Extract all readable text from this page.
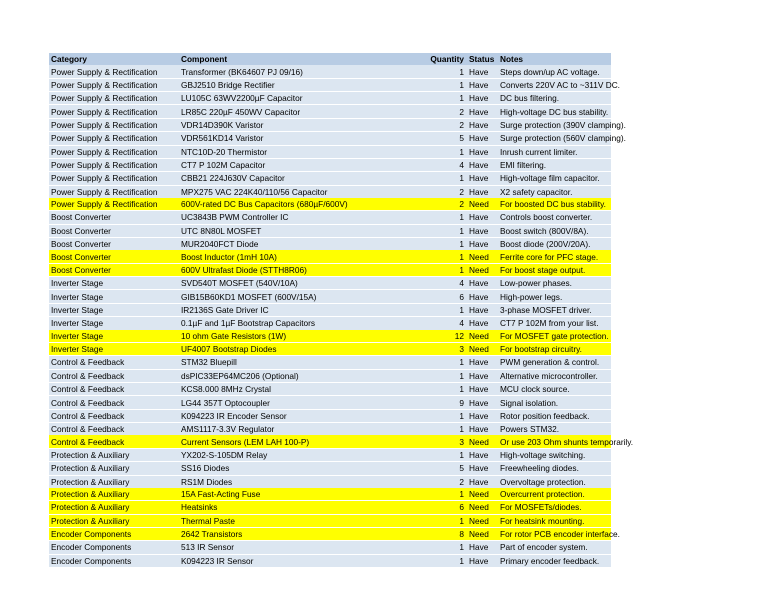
Category	Component	Quantity	Status	Notes
Power Supply & Rectification	Transformer (BK64607 PJ 09/16)	1	Have	Steps down/up AC voltage.
Power Supply & Rectification	GBJ2510 Bridge Rectifier	1	Have	Converts 220V AC to ~311V DC.
Power Supply & Rectification	LU105C 63WV2200µF Capacitor	1	Have	DC bus filtering.
Power Supply & Rectification	LR85C 220µF 450WV Capacitor	2	Have	High-voltage DC bus stability.
Power Supply & Rectification	VDR14D390K Varistor	2	Have	Surge protection (390V clamping).
Power Supply & Rectification	VDR561KD14 Varistor	5	Have	Surge protection (560V clamping).
Power Supply & Rectification	NTC10D-20 Thermistor	1	Have	Inrush current limiter.
Power Supply & Rectification	CT7 P 102M Capacitor	4	Have	EMI filtering.
Power Supply & Rectification	CBB21 224J630V Capacitor	1	Have	High-voltage film capacitor.
Power Supply & Rectification	MPX275 VAC 224K40/110/56 Capacitor	2	Have	X2 safety capacitor.
Power Supply & Rectification	600V-rated DC Bus Capacitors (680µF/600V)	2	Need	For boosted DC bus stability.
Boost Converter	UC3843B PWM Controller IC	1	Have	Controls boost converter.
Boost Converter	UTC 8N80L MOSFET	1	Have	Boost switch (800V/8A).
Boost Converter	MUR2040FCT Diode	1	Have	Boost diode (200V/20A).
Boost Converter	Boost Inductor (1mH 10A)	1	Need	Ferrite core for PFC stage.
Boost Converter	600V Ultrafast Diode (STTH8R06)	1	Need	For boost stage output.
Inverter Stage	SVD540T MOSFET (540V/10A)	4	Have	Low-power phases.
Inverter Stage	GIB15B60KD1 MOSFET (600V/15A)	6	Have	High-power legs.
Inverter Stage	IR2136S Gate Driver IC	1	Have	3-phase MOSFET driver.
Inverter Stage	0.1µF and 1µF Bootstrap Capacitors	4	Have	CT7 P 102M from your list.
Inverter Stage	10 ohm Gate Resistors (1W)	12	Need	For MOSFET gate protection.
Inverter Stage	UF4007 Bootstrap Diodes	3	Need	For bootstrap circuitry.
Control & Feedback	STM32 Bluepill	1	Have	PWM generation & control.
Control & Feedback	dsPIC33EP64MC206 (Optional)	1	Have	Alternative microcontroller.
Control & Feedback	KCS8.000 8MHz Crystal	1	Have	MCU clock source.
Control & Feedback	LG44 357T Optocoupler	9	Have	Signal isolation.
Control & Feedback	K094223 IR Encoder Sensor	1	Have	Rotor position feedback.
Control & Feedback	AMS1117-3.3V Regulator	1	Have	Powers STM32.
Control & Feedback	Current Sensors (LEM LAH 100-P)	3	Need	Or use 203 Ohm shunts temporarily.
Protection & Auxiliary	YX202-S-105DM Relay	1	Have	High-voltage switching.
Protection & Auxiliary	SS16 Diodes	5	Have	Freewheeling diodes.
Protection & Auxiliary	RS1M Diodes	2	Have	Overvoltage protection.
Protection & Auxiliary	15A Fast-Acting Fuse	1	Need	Overcurrent protection.
Protection & Auxiliary	Heatsinks	6	Need	For MOSFETs/diodes.
Protection & Auxiliary	Thermal Paste	1	Need	For heatsink mounting.
Encoder Components	2642 Transistors	8	Need	For rotor PCB encoder interface.
Encoder Components	513 IR Sensor	1	Have	Part of encoder system.
Encoder Components	K094223 IR Sensor	1	Have	Primary encoder feedback.
